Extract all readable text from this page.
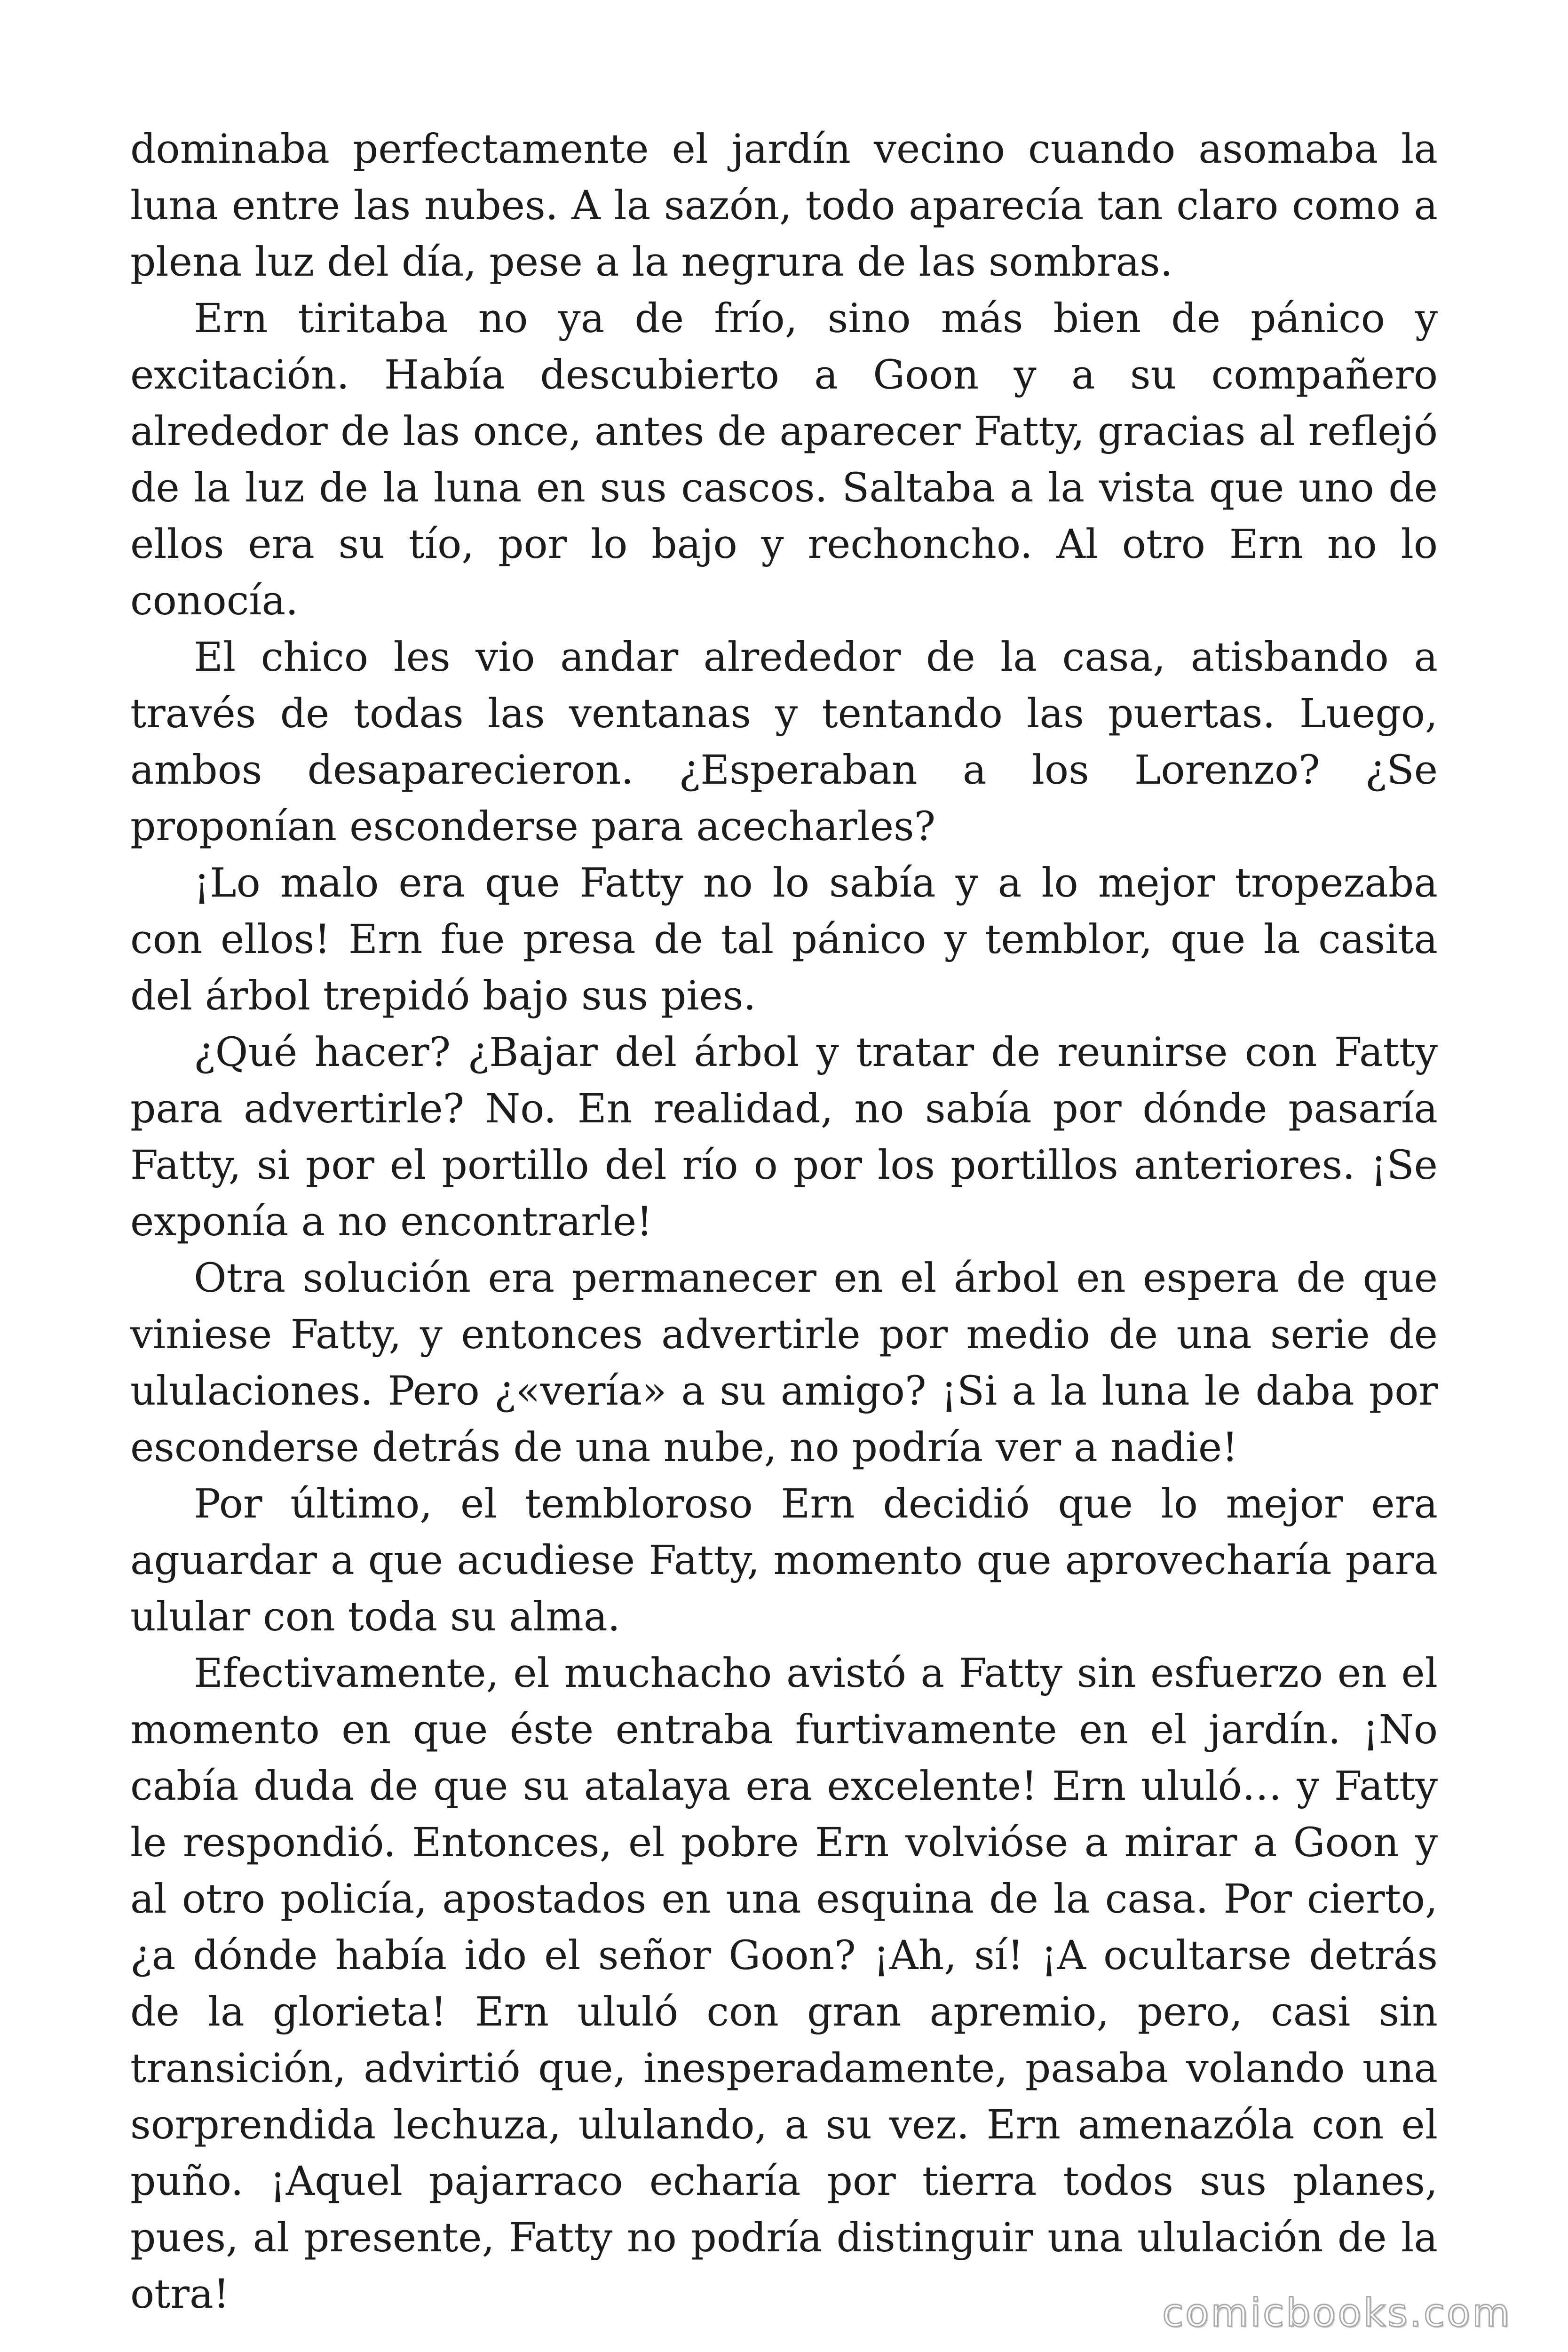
dominaba perfectamente el jardín vecino cuando asomaba la luna entre las nubes. A la sazón, todo aparecía tan claro como a plena luz del día, pese a la negrura de las sombras.

Ern tiritaba no ya de frío, sino más bien de pánico y excitación. Había descubierto a Goon y a su compañero alrededor de las once, antes de aparecer Fatty, gracias al reflejó de la luz de la luna en sus cascos. Saltaba a la vista que uno de ellos era su tío, por lo bajo y rechoncho. Al otro Ern no lo conocía.

El chico les vio andar alrededor de la casa, atisbando a través de todas las ventanas y tentando las puertas. Luego, ambos desaparecieron. ¿Esperaban a los Lorenzo? ¿Se proponían esconderse para acecharles?

¡Lo malo era que Fatty no lo sabía y a lo mejor tropezaba con ellos! Ern fue presa de tal pánico y temblor, que la casita del árbol trepidó bajo sus pies.

¿Qué hacer? ¿Bajar del árbol y tratar de reunirse con Fatty para advertirle? No. En realidad, no sabía por dónde pasaría Fatty, si por el portillo del río o por los portillos anteriores. ¡Se exponía a no encontrarle!

Otra solución era permanecer en el árbol en espera de que viniese Fatty, y entonces advertirle por medio de una serie de ululaciones. Pero ¿«vería» a su amigo? ¡Si a la luna le daba por esconderse detrás de una nube, no podría ver a nadie!

Por último, el tembloroso Ern decidió que lo mejor era aguardar a que acudiese Fatty, momento que aprovecharía para ulular con toda su alma.

Efectivamente, el muchacho avistó a Fatty sin esfuerzo en el momento en que éste entraba furtivamente en el jardín. ¡No cabía duda de que su atalaya era excelente! Ern ululó… y Fatty le respondió. Entonces, el pobre Ern volvióse a mirar a Goon y al otro policía, apostados en una esquina de la casa. Por cierto, ¿a dónde había ido el señor Goon? ¡Ah, sí! ¡A ocultarse detrás de la glorieta! Ern ululó con gran apremio, pero, casi sin transición, advirtió que, inesperadamente, pasaba volando una sorprendida lechuza, ululando, a su vez. Ern amenazóla con el puño. ¡Aquel pajarraco echaría por tierra todos sus planes, pues, al presente, Fatty no podría distinguir una ululación de la otra!	comicbooks.com
